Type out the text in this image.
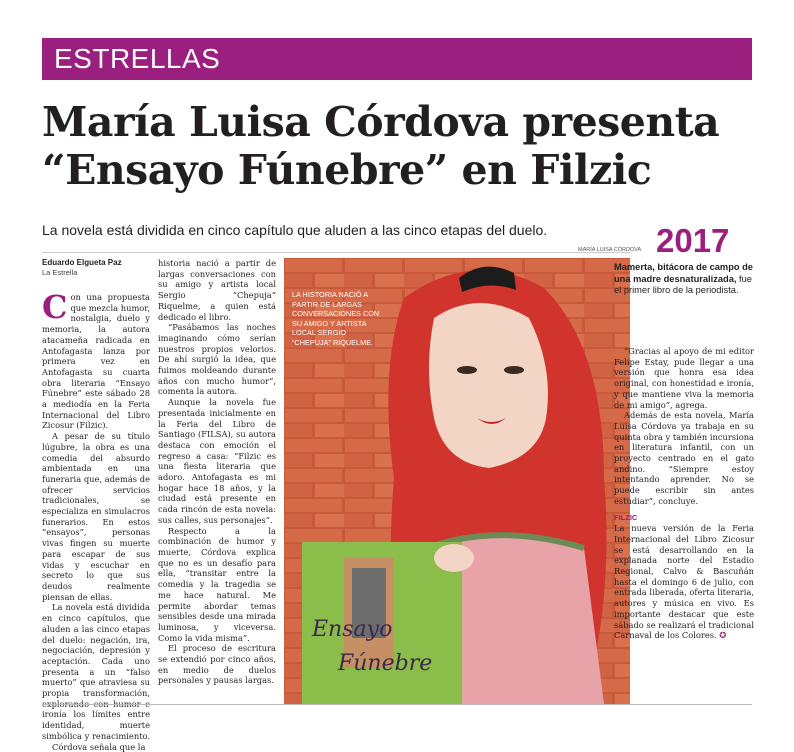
ESTRELLAS
María Luisa Córdova presenta “Ensayo Fúnebre” en Filzic
La novela está dividida en cinco capítulo que aluden a las cinco etapas del duelo.	2017
Eduardo Elgueta Paz
La Estrella

Con una propuesta que mezcla humor, nostalgia, duelo y memoria, la autora atacameña radicada en Antofagasta lanza por primera vez en Antofagasta su cuarta obra literaria “Ensayo Fúnebre” este sábado 28 a mediodía en la Feria Internacional del Libro Zicosur (Filzic).

A pesar de su título lúgubre, la obra es una comedia del absurdo ambientada en una funeraria que, además de ofrecer servicios tradicionales, se especializa en simulacros funerarios. En estos “ensayos”, personas vivas fingen su muerte para escapar de sus vidas y escuchar en secreto lo que sus deudos realmente piensan de ellas.

La novela está dividida en cinco capítulos, que aluden a las cinco etapas del duelo: negación, ira, negociación, depresión y aceptación. Cada uno presenta a un “falso muerto” que atraviesa su propia transformación, ironía los límites entre identidad, muerte simbólica y renacimiento.

Córdova señala que la

historia nació a partir de largas conversaciones con su amigo y artista local Sergio “Chepuja” Riquelme, a quien está dedicado el libro.

“Pasábamos las noches imaginando cómo serían nuestros propios velorios. De ahí surgió la idea, que fuimos moldeando durante años con mucho humor”, comenta la autora.

Aunque la novela fue presentada inicialmente en la Feria del Libro de Santiago (FILSA), su autora destaca con emoción el regreso a casa: “Filzic es una fiesta literaria que adoro. Antofagasta es mi hogar hace 18 años, y la ciudad está presente en cada rincón de esta novela: sus calles, sus personajes”.

Respecto a la combinación de humor y muerte, Córdova explica que no es un desafío para ella, “transitar entre la comedia y la tragedia se me hace natural. Me permite abordar temas sensibles desde una mirada luminosa, y viceversa. Como la vida misma”.

El proceso de escritura se extendió por cinco años, en medio de duelos personales y pausas largas.

MARÍA LUISA CÓRDOVA
Ensayo
Fúnebre
LA HISTORIA NACIÓ A PARTIR DE LARGAS CONVERSACIONES CON SU AMIGO Y ARTISTA LOCAL SERGIO “CHEPUJA” RIQUELME.
Mamerta, bitácora de campo de una madre desnaturalizada, fue el primer libro de la periodista.

“Gracias al apoyo de mi editor Felipe Estay, pude llegar a una versión que honra esa idea original, con honestidad e ironía, y que mantiene viva la memoria de mi amigo”, agrega.

Además de esta novela, María Luisa Córdova ya trabaja en su quinta obra y también incursiona en literatura infantil, con un proyecto centrado en el gato andino. “Siempre estoy intentando aprender. No se puede escribir sin antes estudiar”, concluye.

FILZIC

La nueva versión de la Feria Internacional del Libro Zicosur se está desarrollando en la explanada norte del Estadio Regional, Calvo & Bascuñán hasta el domingo 6 de julio, con entrada liberada, oferta literaria, autores y música en vivo. Es importante destacar que este sábado se realizará el tradicional Carnaval de los Colores. ✪
